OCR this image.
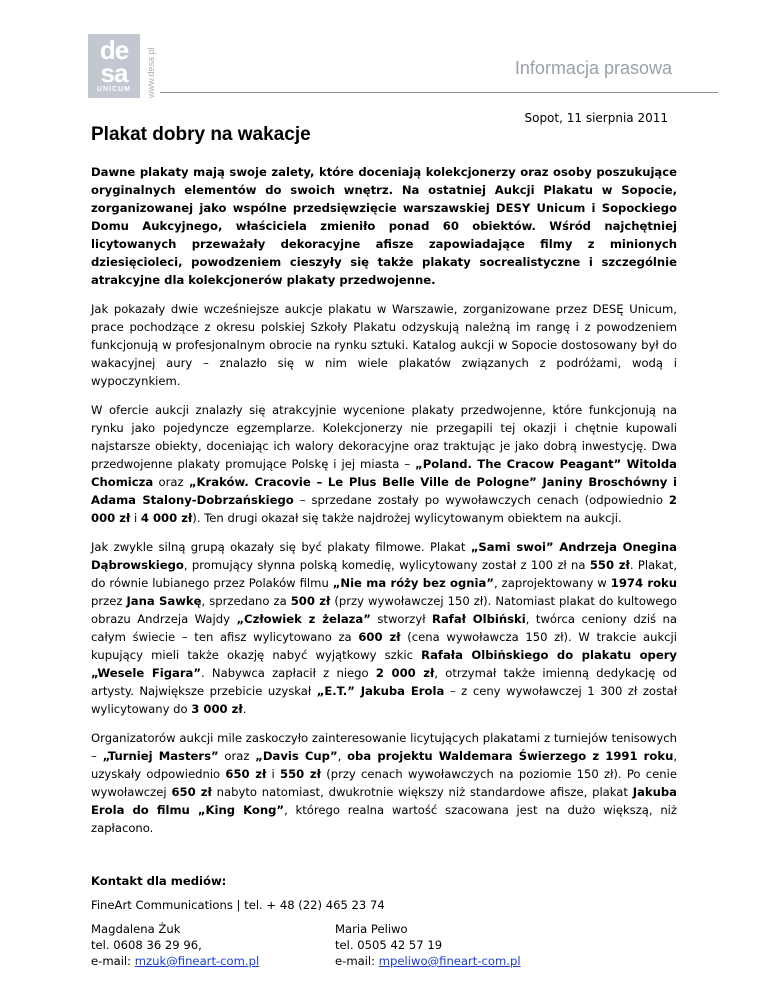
de
sa
UNICUM	www.desa.pl	Informacja prasowa
Sopot, 11 sierpnia 2011
Plakat dobry na wakacje

Dawne plakaty mają swoje zalety, które doceniają kolekcjonerzy oraz osoby poszukujące oryginalnych elementów do swoich wnętrz. Na ostatniej Aukcji Plakatu w Sopocie, zorganizowanej jako wspólne przedsięwzięcie warszawskiej DESY Unicum i Sopockiego Domu Aukcyjnego, właściciela zmieniło ponad 60 obiektów. Wśród najchętniej licytowanych przeważały dekoracyjne afisze zapowiadające filmy z minionych dziesięcioleci, powodzeniem cieszyły się także plakaty socrealistyczne i szczególnie atrakcyjne dla kolekcjonerów plakaty przedwojenne.

Jak pokazały dwie wcześniejsze aukcje plakatu w Warszawie, zorganizowane przez DESĘ Unicum, prace pochodzące z okresu polskiej Szkoły Plakatu odzyskują należną im rangę i z powodzeniem funkcjonują w profesjonalnym obrocie na rynku sztuki. Katalog aukcji w Sopocie dostosowany był do wakacyjnej aury – znalazło się w nim wiele plakatów związanych z podróżami, wodą i wypoczynkiem.

W ofercie aukcji znalazły się atrakcyjnie wycenione plakaty przedwojenne, które funkcjonują na rynku jako pojedyncze egzemplarze. Kolekcjonerzy nie przegapili tej okazji i chętnie kupowali najstarsze obiekty, doceniając ich walory dekoracyjne oraz traktując je jako dobrą inwestycję. Dwa przedwojenne plakaty promujące Polskę i jej miasta – „Poland. The Cracow Peagant” Witolda Chomicza oraz „Kraków. Cracovie – Le Plus Belle Ville de Pologne” Janiny Broschówny i Adama Stalony-Dobrzańskiego – sprzedane zostały po wywoławczych cenach (odpowiednio 2 000 zł i 4 000 zł). Ten drugi okazał się także najdrożej wylicytowanym obiektem na aukcji.

Jak zwykle silną grupą okazały się być plakaty filmowe. Plakat „Sami swoi” Andrzeja Onegina Dąbrowskiego, promujący słynna polską komedię, wylicytowany został z 100 zł na 550 zł. Plakat, do równie lubianego przez Polaków filmu „Nie ma róży bez ognia”, zaprojektowany w 1974 roku przez Jana Sawkę, sprzedano za 500 zł (przy wywoławczej 150 zł). Natomiast plakat do kultowego obrazu Andrzeja Wajdy „Człowiek z żelaza” stworzył Rafał Olbiński, twórca ceniony dziś na całym świecie – ten afisz wylicytowano za 600 zł (cena wywoławcza 150 zł). W trakcie aukcji kupujący mieli także okazję nabyć wyjątkowy szkic Rafała Olbińskiego do plakatu opery „Wesele Figara”. Nabywca zapłacił z niego 2 000 zł, otrzymał także imienną dedykację od artysty. Największe przebicie uzyskał „E.T.” Jakuba Erola – z ceny wywoławczej 1 300 zł został wylicytowany do 3 000 zł.

Organizatorów aukcji mile zaskoczyło zainteresowanie licytujących plakatami z turniejów tenisowych – „Turniej Masters” oraz „Davis Cup”, oba projektu Waldemara Świerzego z 1991 roku, uzyskały odpowiednio 650 zł i 550 zł (przy cenach wywoławczych na poziomie 150 zł). Po cenie wywoławczej 650 zł nabyto natomiast, dwukrotnie większy niż standardowe afisze, plakat Jakuba Erola do filmu „King Kong”, którego realna wartość szacowana jest na dużo większą, niż zapłacono.

Kontakt dla mediów:
FineArt Communications | tel. + 48 (22) 465 23 74
Magdalena Żuk
tel. 0608 36 29 96,
e-mail: mzuk@fineart-com.pl
Maria Peliwo
tel. 0505 42 57 19
e-mail: mpeliwo@fineart-com.pl
